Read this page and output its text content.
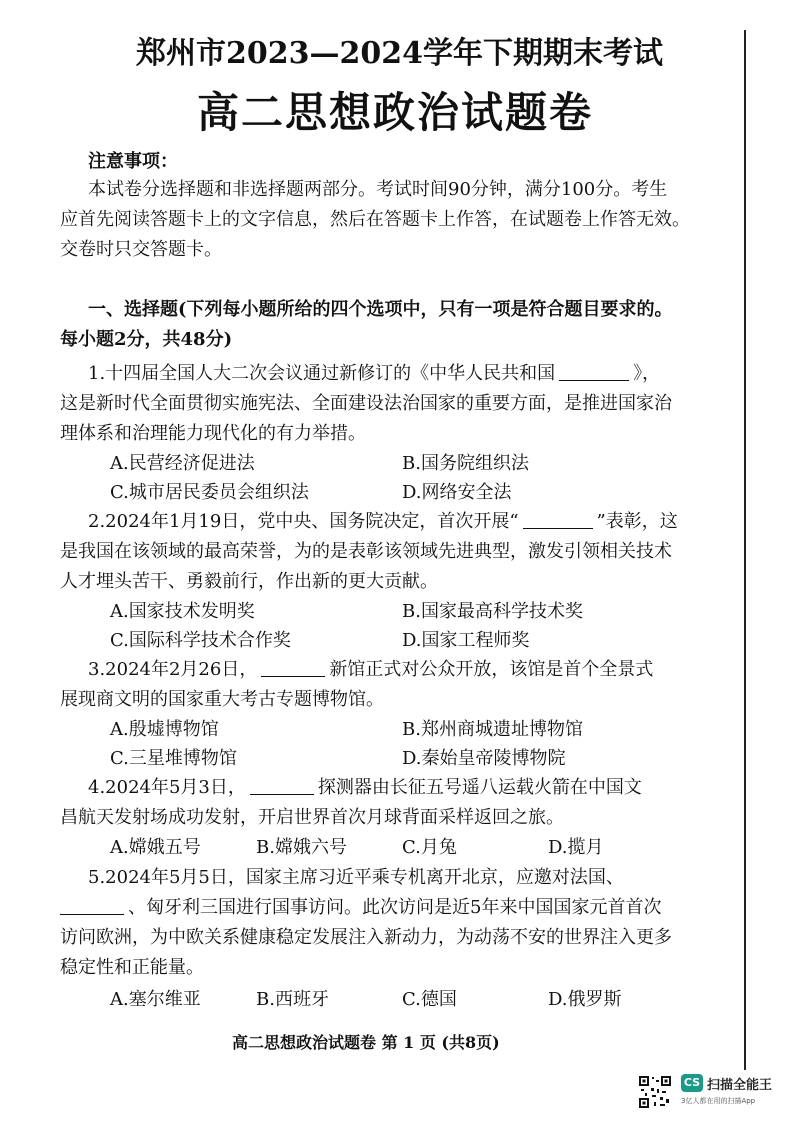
郑州市2023—2024学年下期期末考试
高二思想政治试题卷
注意事项：
本试卷分选择题和非选择题两部分。考试时间90分钟，满分100分。考生
应首先阅读答题卡上的文字信息，然后在答题卡上作答，在试题卷上作答无效。
交卷时只交答题卡。
一、选择题(下列每小题所给的四个选项中，只有一项是符合题目要求的。
每小题2分，共48分)
1.十四届全国人大二次会议通过新修订的《中华人民共和国	》，
这是新时代全面贯彻实施宪法、全面建设法治国家的重要方面，是推进国家治
理体系和治理能力现代化的有力举措。
A.民营经济促进法	B.国务院组织法
C.城市居民委员会组织法	D.网络安全法
2.2024年1月19日，党中央、国务院决定，首次开展“	”表彰，这
是我国在该领域的最高荣誉，为的是表彰该领域先进典型，激发引领相关技术
人才埋头苦干、勇毅前行，作出新的更大贡献。
A.国家技术发明奖	B.国家最高科学技术奖
C.国际科学技术合作奖	D.国家工程师奖
3.2024年2月26日，	新馆正式对公众开放，该馆是首个全景式
展现商文明的国家重大考古专题博物馆。
A.殷墟博物馆	B.郑州商城遗址博物馆
C.三星堆博物馆	D.秦始皇帝陵博物院
4.2024年5月3日，	探测器由长征五号遥八运载火箭在中国文
昌航天发射场成功发射，开启世界首次月球背面采样返回之旅。
A.嫦娥五号	B.嫦娥六号	C.月兔	D.揽月
5.2024年5月5日，国家主席习近平乘专机离开北京，应邀对法国、
、匈牙利三国进行国事访问。此次访问是近5年来中国国家元首首次
访问欧洲，为中欧关系健康稳定发展注入新动力，为动荡不安的世界注入更多
稳定性和正能量。
A.塞尔维亚	B.西班牙	C.德国	D.俄罗斯
高二思想政治试题卷 第 1 页 (共8页)
CS 扫描全能王
3亿人都在用的扫描App
